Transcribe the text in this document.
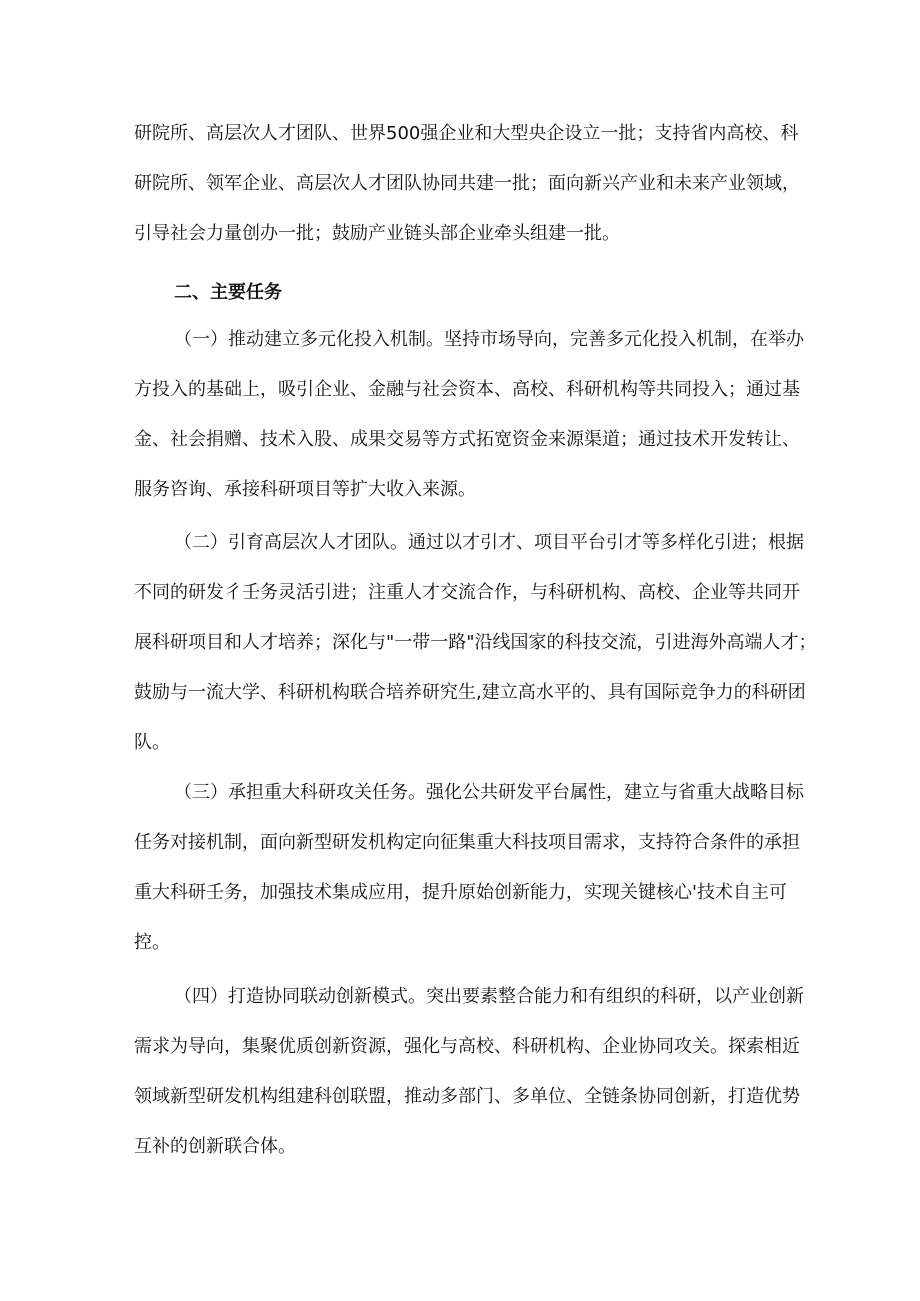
研院所、高层次人才团队、世界500强企业和大型央企设立一批；支持省内高校、科
研院所、领军企业、高层次人才团队协同共建一批；面向新兴产业和未来产业领域，
引导社会力量创办一批；鼓励产业链头部企业牵头组建一批。
二、主要任务
（一）推动建立多元化投入机制。坚持市场导向，完善多元化投入机制，在举办
方投入的基础上，吸引企业、金融与社会资本、高校、科研机构等共同投入；通过基
金、社会捐赠、技术入股、成果交易等方式拓宽资金来源渠道；通过技术开发转让、
服务咨询、承接科研项目等扩大收入来源。
（二）引育高层次人才团队。通过以才引才、项目平台引才等多样化引进；根据
不同的研发彳壬务灵活引进；注重人才交流合作，与科研机构、高校、企业等共同开
展科研项目和人才培养；深化与"一带一路"沿线国家的科技交流，引进海外高端人才；
鼓励与一流大学、科研机构联合培养研究生,建立高水平的、具有国际竞争力的科研团
队。
（三）承担重大科研攻关任务。强化公共研发平台属性，建立与省重大战略目标
任务对接机制，面向新型研发机构定向征集重大科技项目需求，支持符合条件的承担
重大科研壬务，加强技术集成应用，提升原始创新能力，实现关键核心'技术自主可
控。
（四）打造协同联动创新模式。突出要素整合能力和有组织的科研，以产业创新
需求为导向，集聚优质创新资源，强化与高校、科研机构、企业协同攻关。探索相近
领域新型研发机构组建科创联盟，推动多部门、多单位、全链条协同创新，打造优势
互补的创新联合体。
